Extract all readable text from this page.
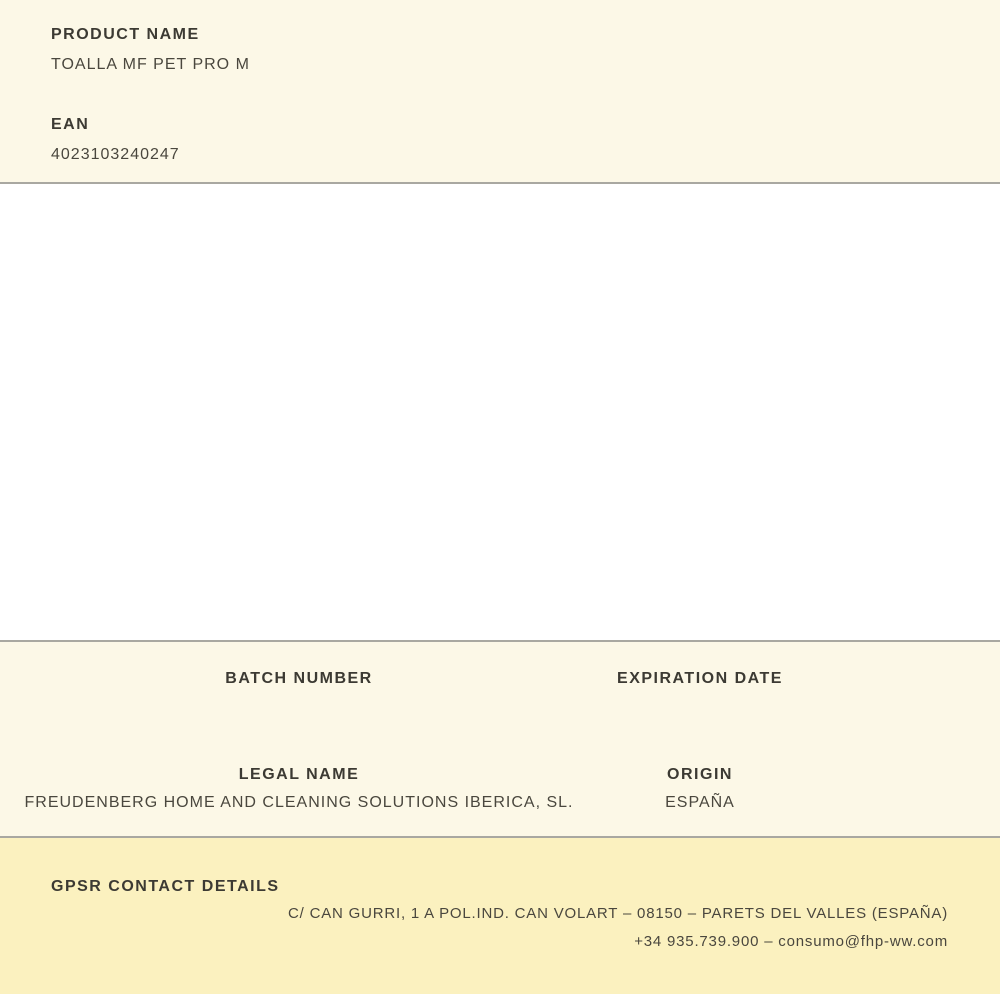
PRODUCT NAME
TOALLA MF PET PRO M
EAN
4023103240247
BATCH NUMBER	EXPIRATION DATE
LEGAL NAME
FREUDENBERG HOME AND CLEANING SOLUTIONS IBERICA, SL.
ORIGIN
ESPAÑA
GPSR CONTACT DETAILS
C/ CAN GURRI, 1 A POL.IND. CAN VOLART – 08150 – PARETS DEL VALLES (ESPAÑA)
+34 935.739.900 – consumo@fhp-ww.com
